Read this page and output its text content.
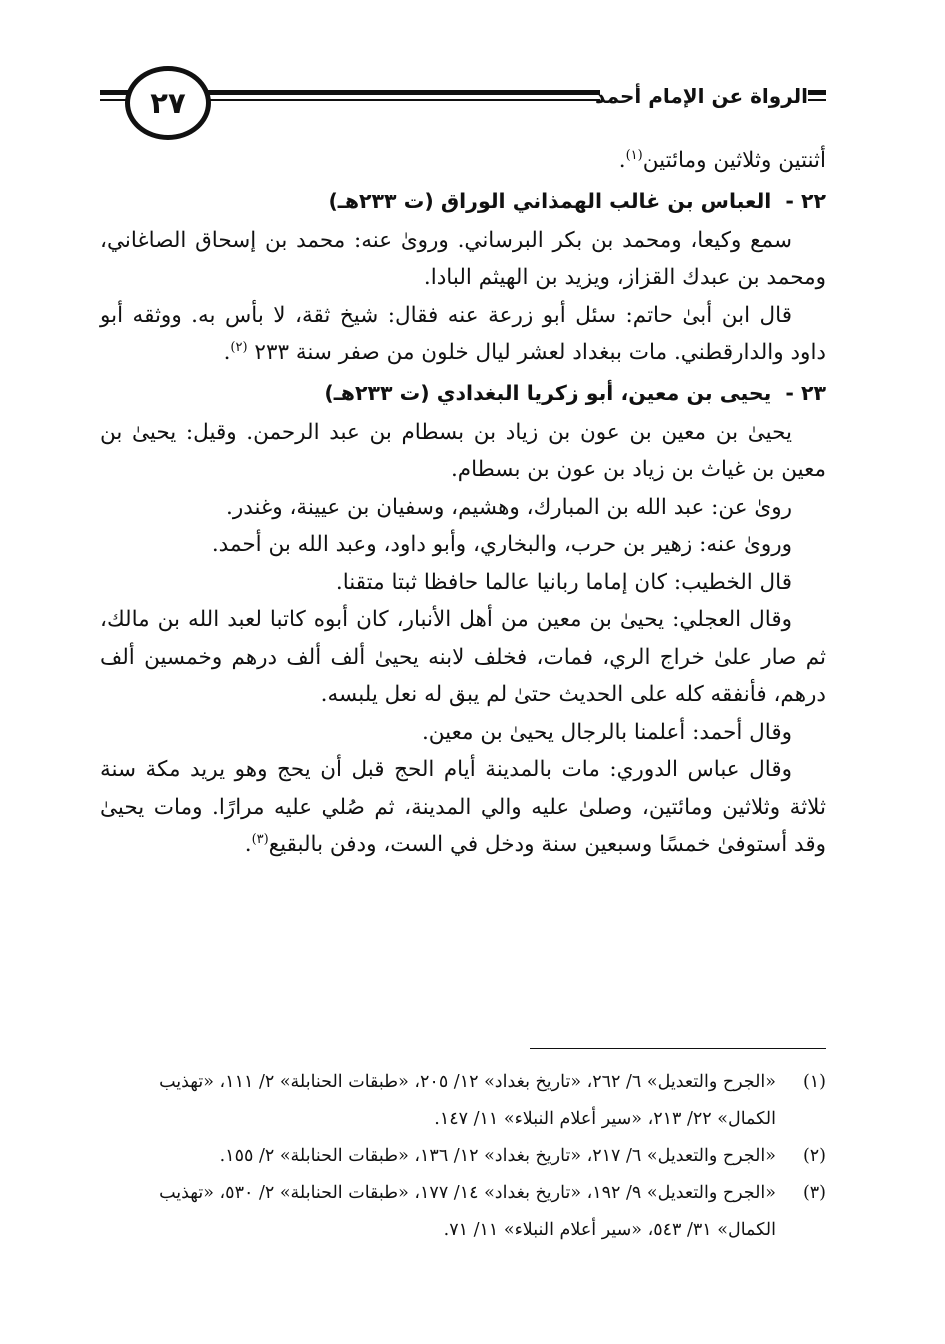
الرواة عن الإمام أحمد
٢٧

أثنتين وثلاثين ومائتين$^{(١)}$.

٢٢ -العباس بن غالب الهمذاني الوراق (ت ٢٣٣هـ)

سمع وكيعا، ومحمد بن بكر البرساني. وروىٰ عنه: محمد بن إسحاق الصاغاني، ومحمد بن عبدك القزاز، ويزيد بن الهيثم البادا.

قال ابن أبىٰ حاتم: سئل أبو زرعة عنه فقال: شيخ ثقة، لا بأس به. ووثقه أبو داود والدارقطني. مات ببغداد لعشر ليال خلون من صفر سنة ٢٣٣ $^{(٢)}$.

٢٣ -يحيى بن معين، أبو زكريا البغدادي (ت ٢٣٣هـ)

يحيىٰ بن معين بن عون بن زياد بن بسطام بن عبد الرحمن. وقيل: يحيىٰ بن معين بن غياث بن زياد بن عون بن بسطام.

روىٰ عن: عبد الله بن المبارك، وهشيم، وسفيان بن عيينة، وغندر.

وروىٰ عنه: زهير بن حرب، والبخاري، وأبو داود، وعبد الله بن أحمد.

قال الخطيب: كان إماما ربانيا عالما حافظا ثبتا متقنا.

وقال العجلي: يحيىٰ بن معين من أهل الأنبار، كان أبوه كاتبا لعبد الله بن مالك، ثم صار علىٰ خراج الري، فمات، فخلف لابنه يحيىٰ ألف ألف درهم وخمسين ألف درهم، فأنفقه كله على الحديث حتىٰ لم يبق له نعل يلبسه.

وقال أحمد: أعلمنا بالرجال يحيىٰ بن معين.

وقال عباس الدوري: مات بالمدينة أيام الحج قبل أن يحج وهو يريد مكة سنة ثلاثة وثلاثين ومائتين، وصلىٰ عليه والي المدينة، ثم صُلي عليه مرارًا. ومات يحيىٰ وقد أستوفىٰ خمسًا وسبعين سنة ودخل في الست، ودفن بالبقيع$^{(٣)}$.

(١)
«الجرح والتعديل» ٦/ ٢٦٢، «تاريخ بغداد» ١٢/ ٢٠٥، «طبقات الحنابلة» ٢/ ١١١، «تهذيب الكمال» ٢٢/ ٢١٣، «سير أعلام النبلاء» ١١/ ١٤٧.
(٢)
«الجرح والتعديل» ٦/ ٢١٧، «تاريخ بغداد» ١٢/ ١٣٦، «طبقات الحنابلة» ٢/ ١٥٥.
(٣)
«الجرح والتعديل» ٩/ ١٩٢، «تاريخ بغداد» ١٤/ ١٧٧، «طبقات الحنابلة» ٢/ ٥٣٠، «تهذيب الكمال» ٣١/ ٥٤٣، «سير أعلام النبلاء» ١١/ ٧١.
